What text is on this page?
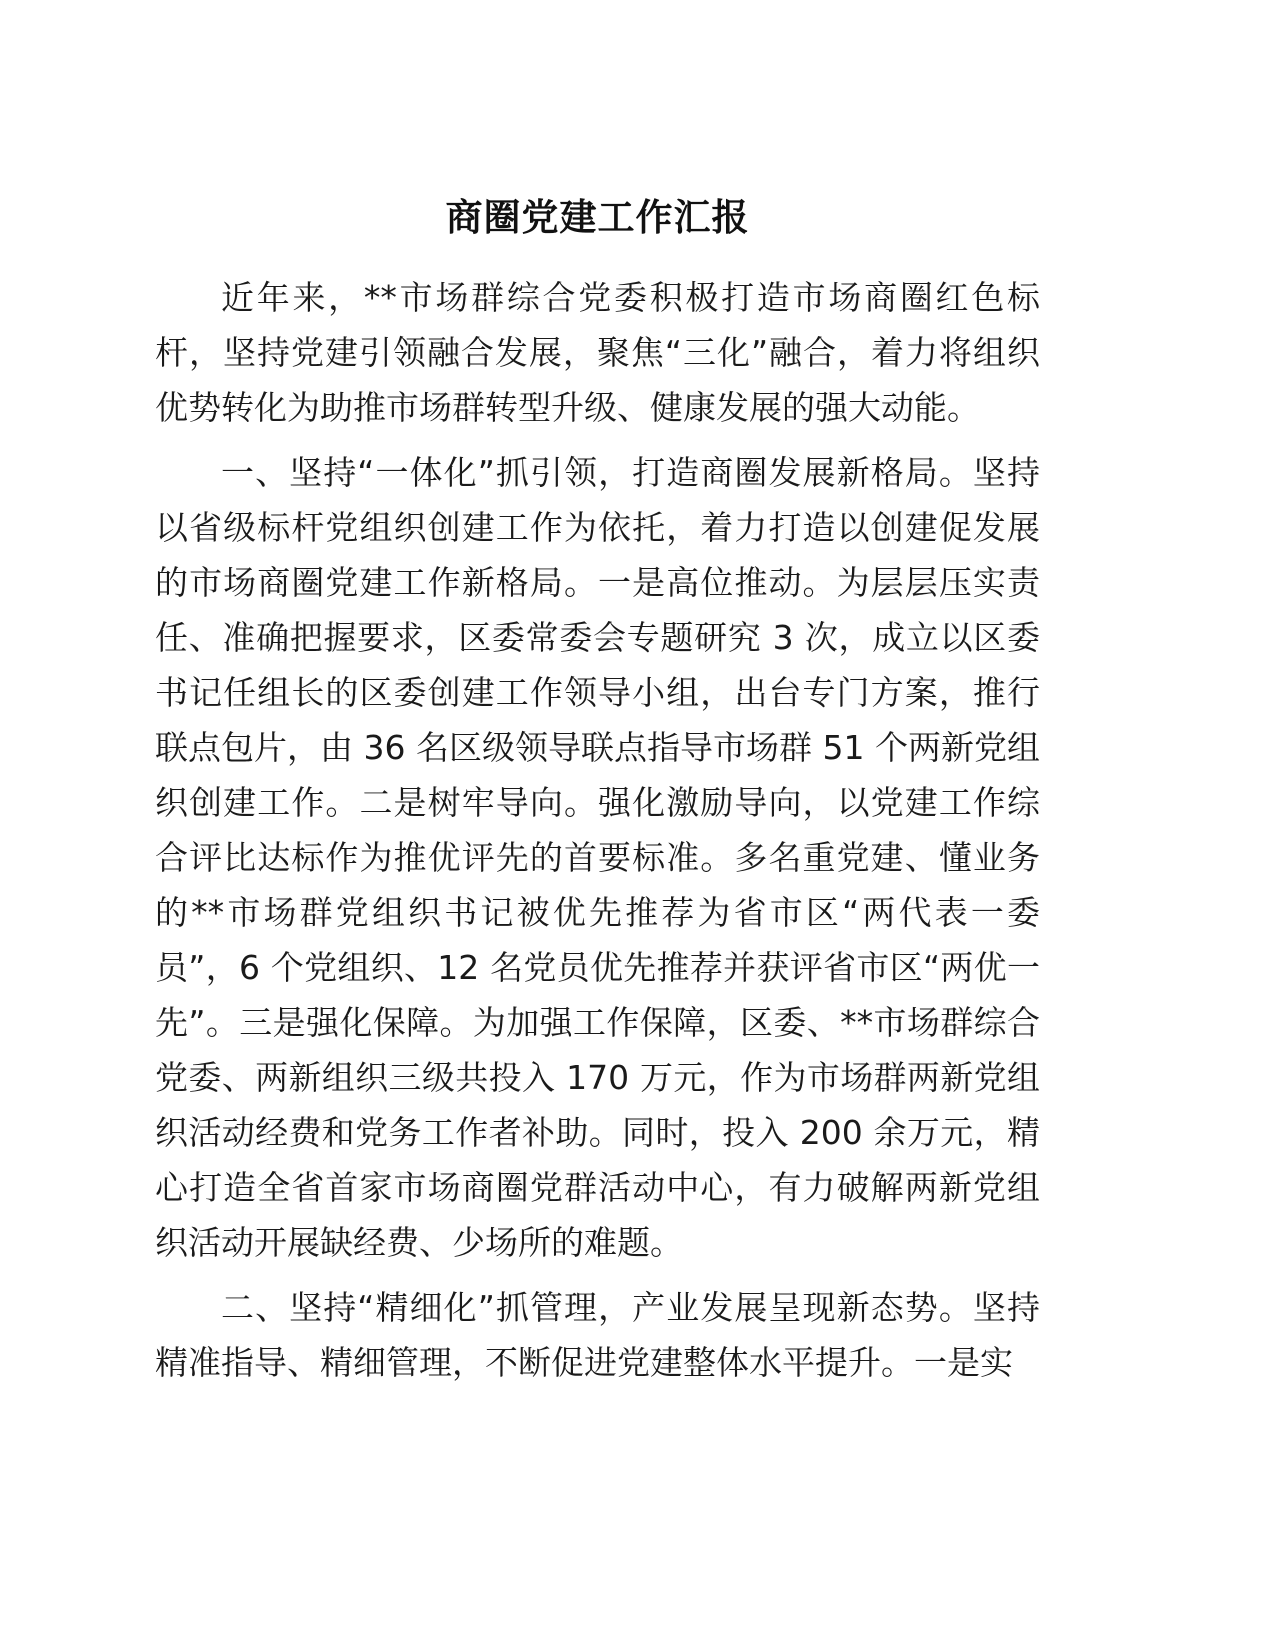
商圈党建工作汇报

近年来，**市场群综合党委积极打造市场商圈红色标杆，坚持党建引领融合发展，聚焦“三化”融合，着力将组织优势转化为助推市场群转型升级、健康发展的强大动能。

一、坚持“一体化”抓引领，打造商圈发展新格局。坚持以省级标杆党组织创建工作为依托，着力打造以创建促发展的市场商圈党建工作新格局。一是高位推动。为层层压实责任、准确把握要求，区委常委会专题研究 3 次，成立以区委书记任组长的区委创建工作领导小组，出台专门方案，推行联点包片，由 36 名区级领导联点指导市场群 51 个两新党组织创建工作。二是树牢导向。强化激励导向，以党建工作综合评比达标作为推优评先的首要标准。多名重党建、懂业务的**市场群党组织书记被优先推荐为省市区“两代表一委员”，6 个党组织、12 名党员优先推荐并获评省市区“两优一先”。三是强化保障。为加强工作保障，区委、**市场群综合党委、两新组织三级共投入 170 万元，作为市场群两新党组织活动经费和党务工作者补助。同时，投入 200 余万元，精心打造全省首家市场商圈党群活动中心，有力破解两新党组织活动开展缺经费、少场所的难题。

二、坚持“精细化”抓管理，产业发展呈现新态势。坚持精准指导、精细管理，不断促进党建整体水平提升。一是实
